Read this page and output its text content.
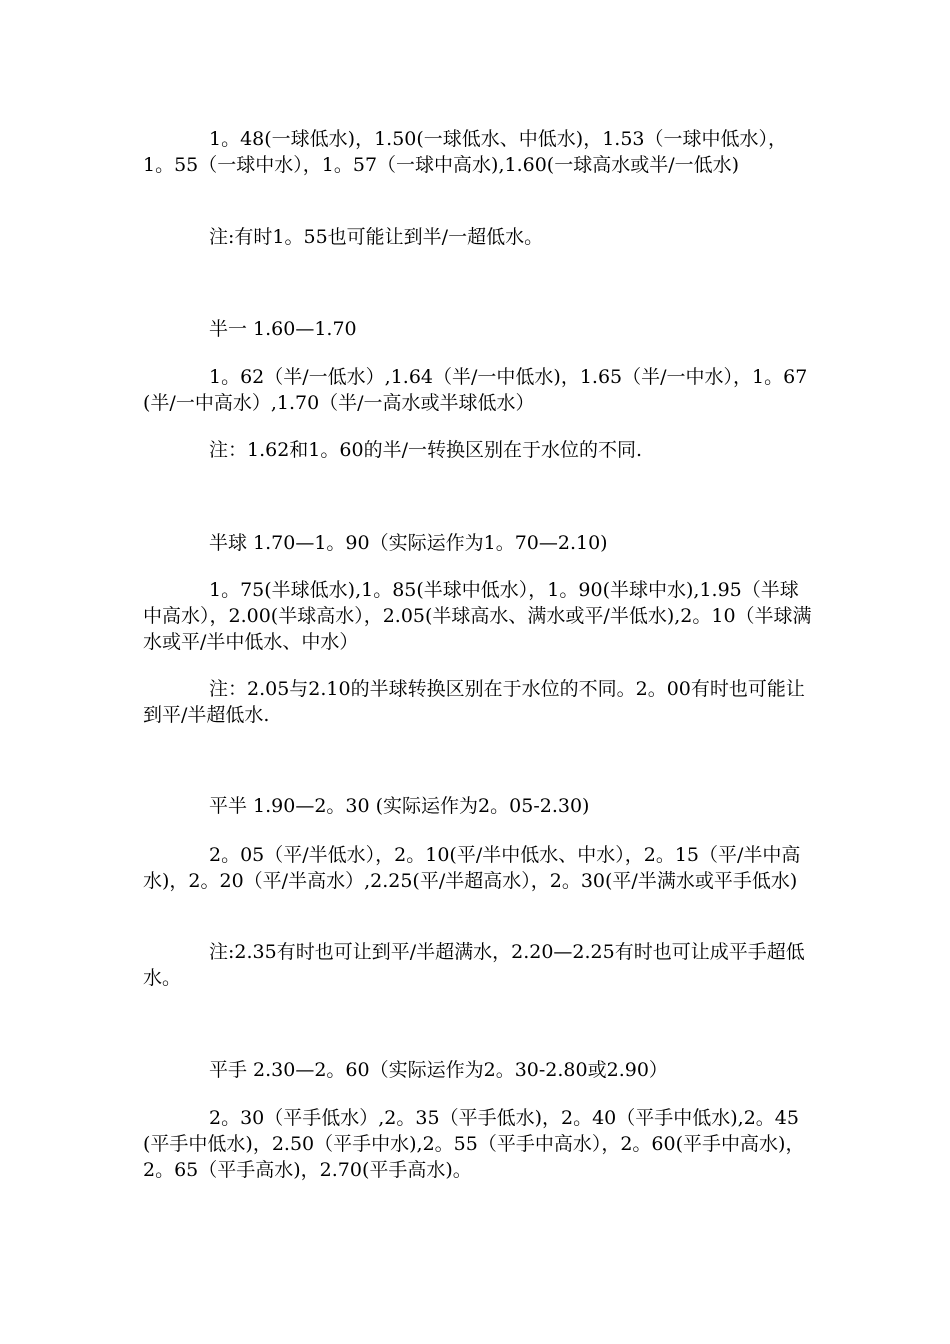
1。48(一球低水)，1.50(一球低水、中低水)，1.53（一球中低水），1。55（一球中水），1。57（一球中高水),1.60(一球高水或半/一低水)

注:有时1。55也可能让到半/一超低水。

半一 1.60—1.70

1。62（半/一低水）,1.64（半/一中低水)，1.65（半/一中水），1。67(半/一中高水）,1.70（半/一高水或半球低水）

注：1.62和1。60的半/一转换区别在于水位的不同.

半球 1.70—1。90（实际运作为1。70—2.10)

1。75(半球低水),1。85(半球中低水），1。90(半球中水),1.95（半球中高水），2.00(半球高水），2.05(半球高水、满水或平/半低水),2。10（半球满水或平/半中低水、中水）

注：2.05与2.10的半球转换区别在于水位的不同。2。00有时也可能让到平/半超低水.

平半 1.90—2。30 (实际运作为2。05-2.30)

2。05（平/半低水），2。10(平/半中低水、中水），2。15（平/半中高水)，2。20（平/半高水）,2.25(平/半超高水），2。30(平/半满水或平手低水)

注:2.35有时也可让到平/半超满水，2.20—2.25有时也可让成平手超低水。

平手 2.30—2。60（实际运作为2。30-2.80或2.90）

2。30（平手低水）,2。35（平手低水)，2。40（平手中低水),2。45(平手中低水)，2.50（平手中水),2。55（平手中高水），2。60(平手中高水)，2。65（平手高水)，2.70(平手高水)。
